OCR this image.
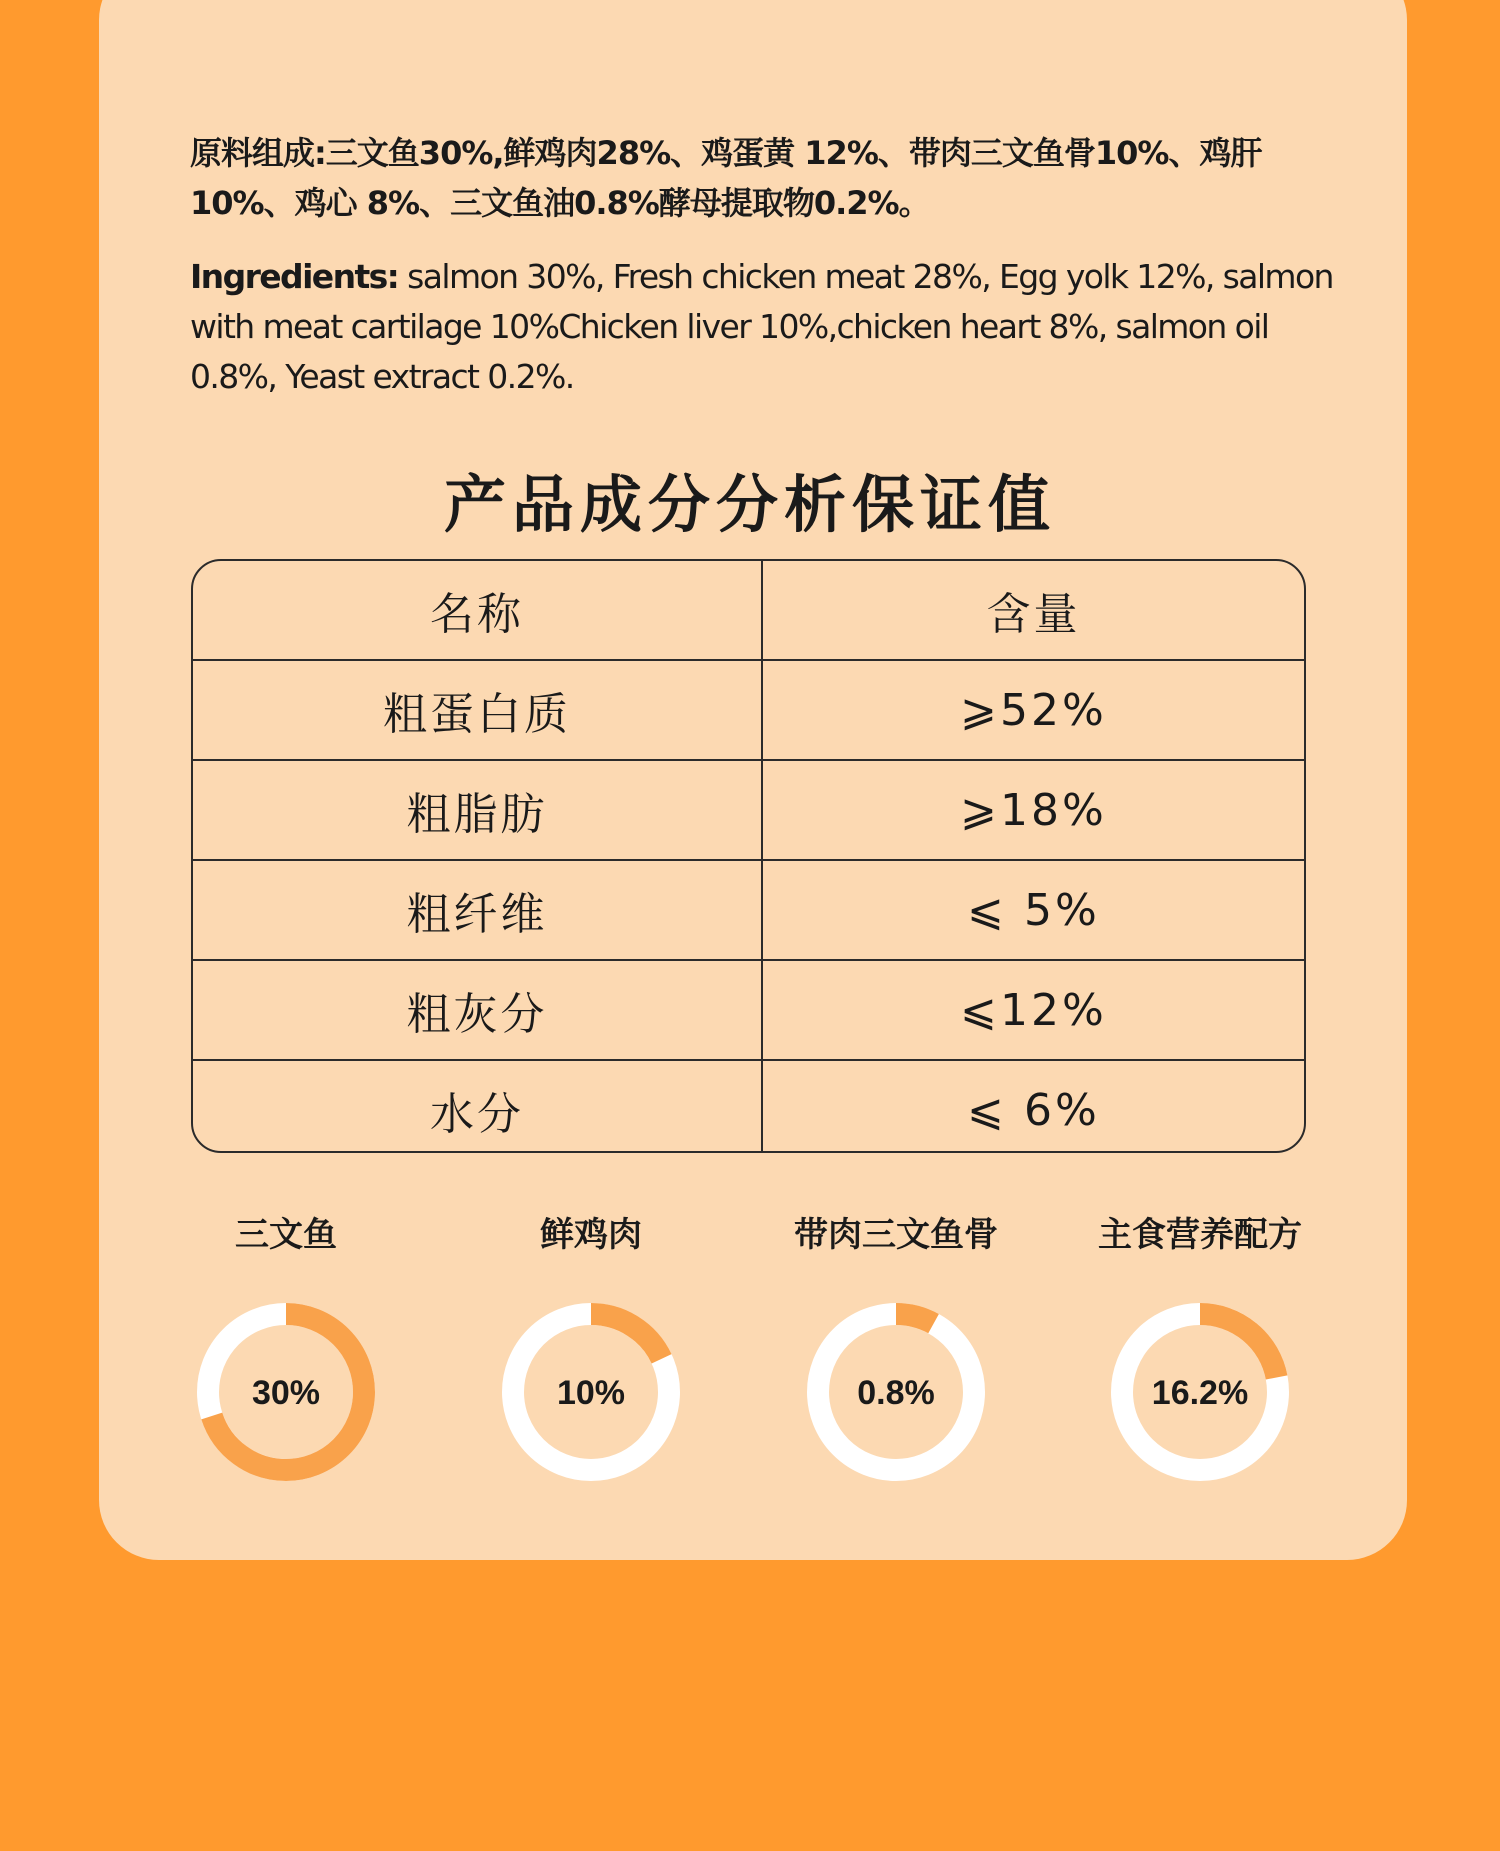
原料组成:三文鱼30%,鲜鸡肉28%、鸡蛋黄 12%、带肉三文鱼骨10%、鸡肝10%、鸡心 8%、三文鱼油0.8%酵母提取物0.2%。
Ingredients: salmon 30%, Fresh chicken meat 28%, Egg yolk 12%, salmon with meat cartilage 10%Chicken liver 10%,chicken heart 8%, salmon oil 0.8%, Yeast extract 0.2%.
产品成分分析保证值
名称	含量
粗蛋白质	⩾52%
粗脂肪	⩾18%
粗纤维	⩽ 5%
粗灰分	⩽12%
水分	⩽ 6%
三文鱼
30%
鲜鸡肉
10%
带肉三文鱼骨
0.8%
主食营养配方
16.2%
